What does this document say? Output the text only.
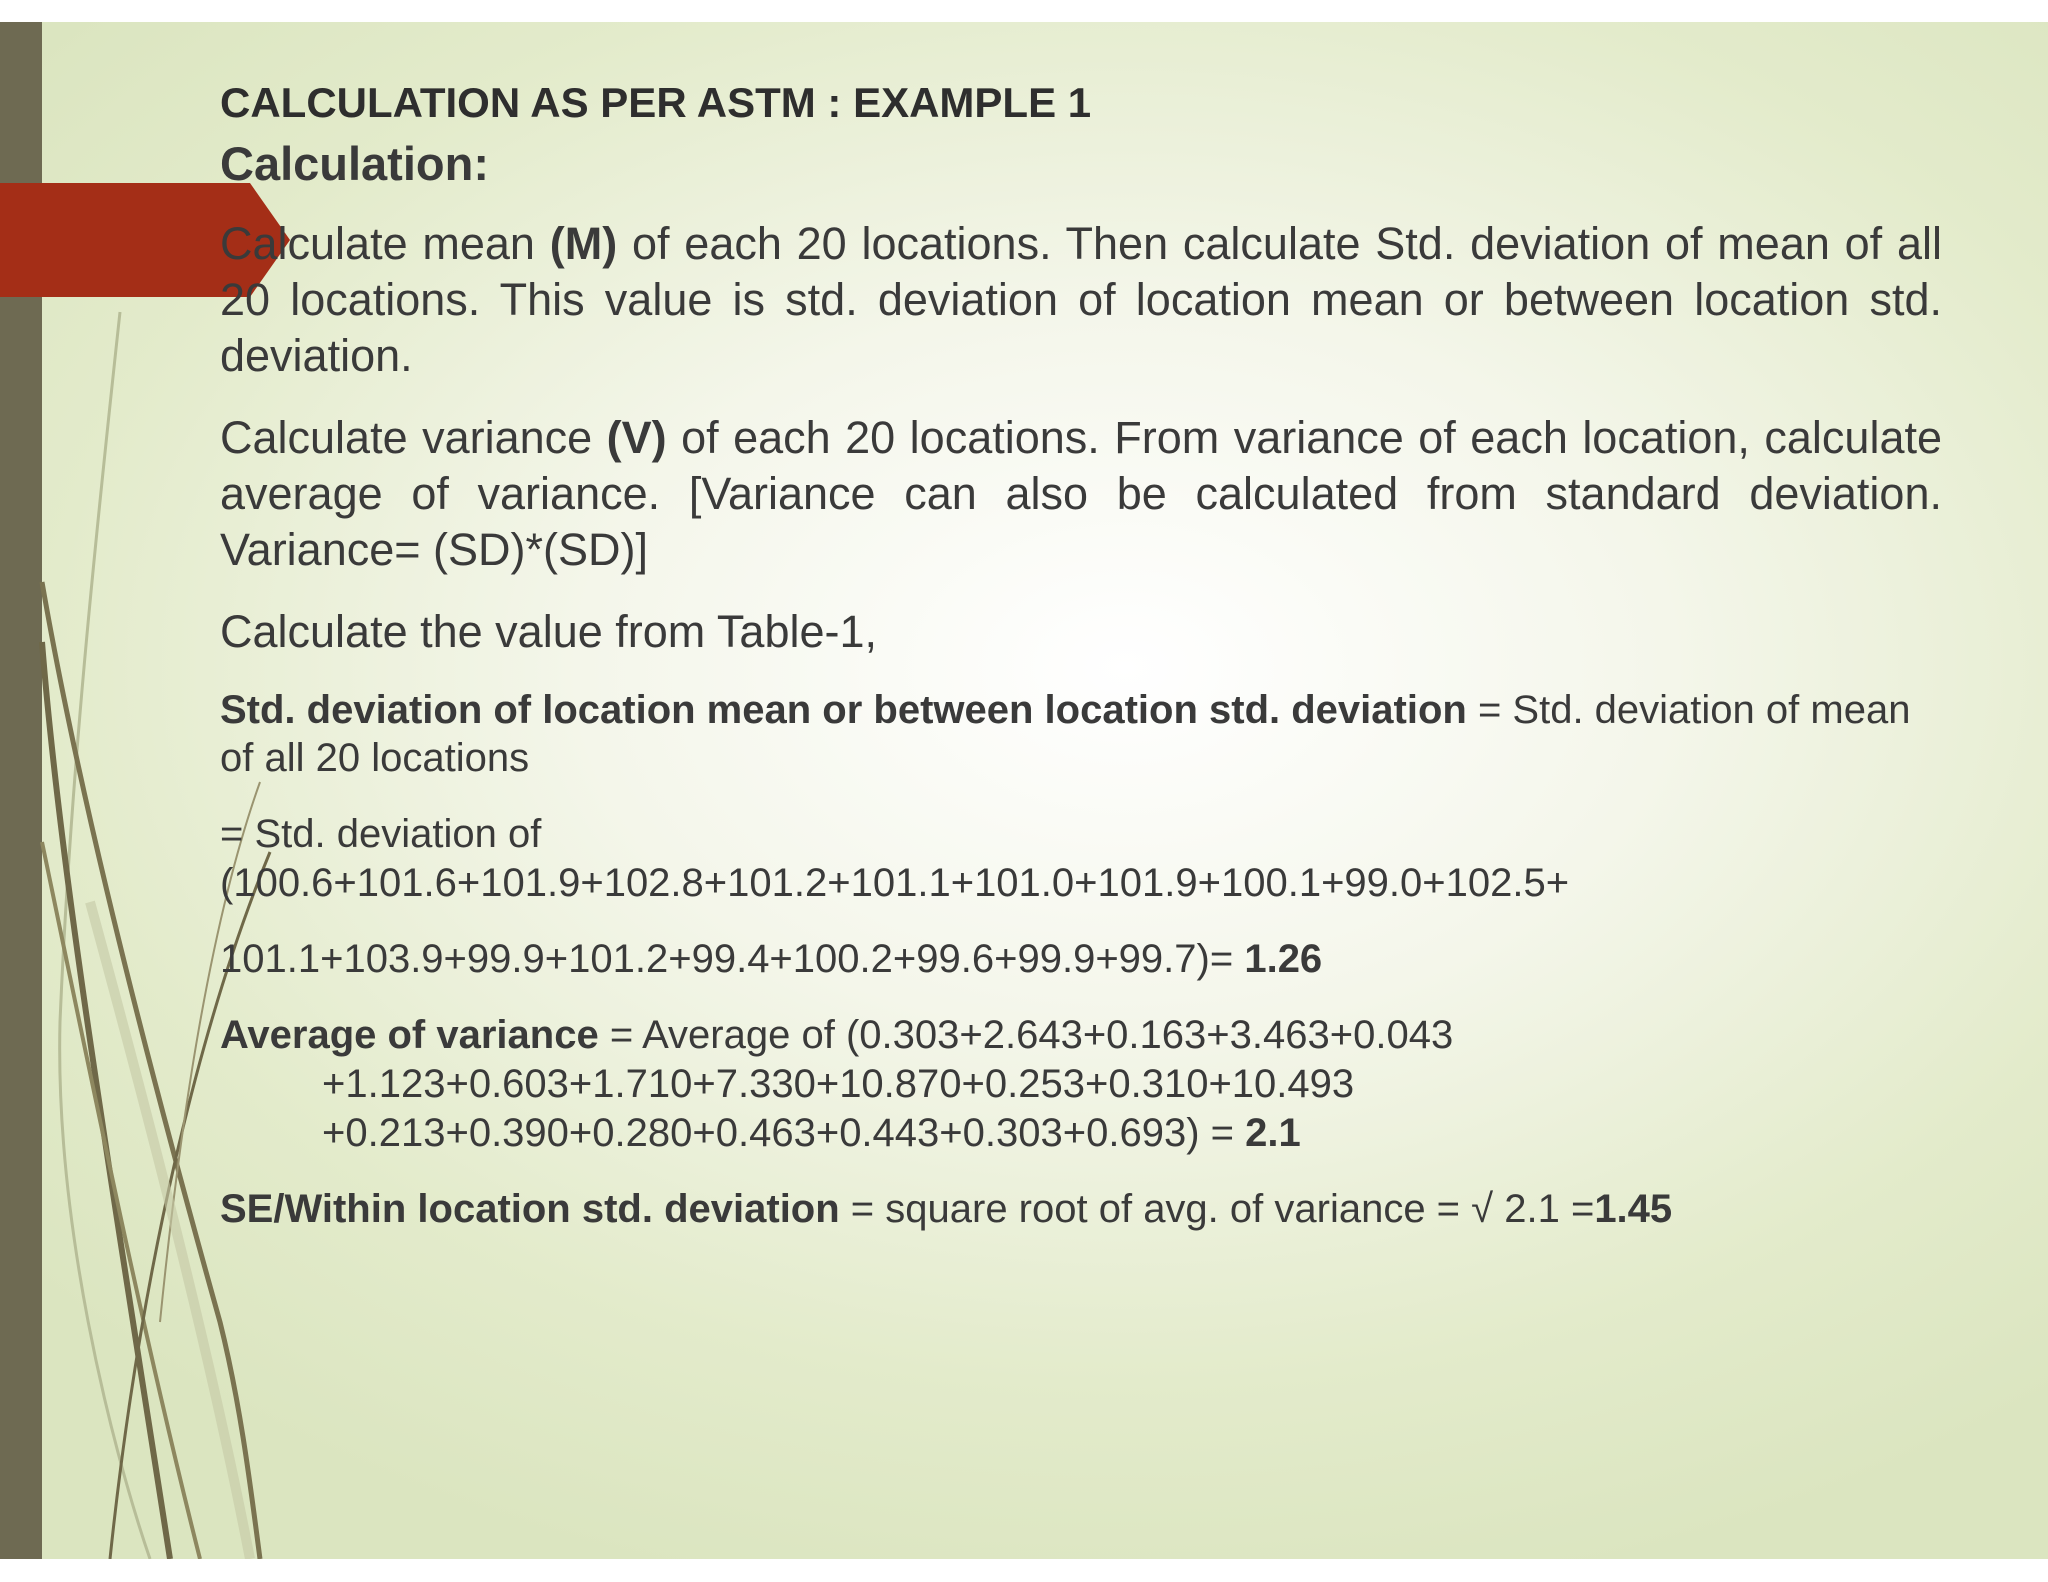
CALCULATION AS PER ASTM : EXAMPLE 1

Calculation:

Calculate mean (M) of each 20 locations. Then calculate Std. deviation of mean of all 20 locations. This value is std. deviation of location mean or between location std. deviation.

Calculate variance (V) of each 20 locations. From variance of each location, calculate average of variance. [Variance can also be calculated from standard deviation. Variance= (SD)*(SD)]

Calculate the value from Table-1,

Std. deviation of location mean or between location std. deviation = Std. deviation of mean of all 20 locations

= Std. deviation of

(100.6+101.6+101.9+102.8+101.2+101.1+101.0+101.9+100.1+99.0+102.5+

101.1+103.9+99.9+101.2+99.4+100.2+99.6+99.9+99.7)= 1.26

Average of variance = Average of (0.303+2.643+0.163+3.463+0.043

+1.123+0.603+1.710+7.330+10.870+0.253+0.310+10.493

+0.213+0.390+0.280+0.463+0.443+0.303+0.693) = 2.1

SE/Within location std. deviation = square root of avg. of variance = √ 2.1 =1.45
